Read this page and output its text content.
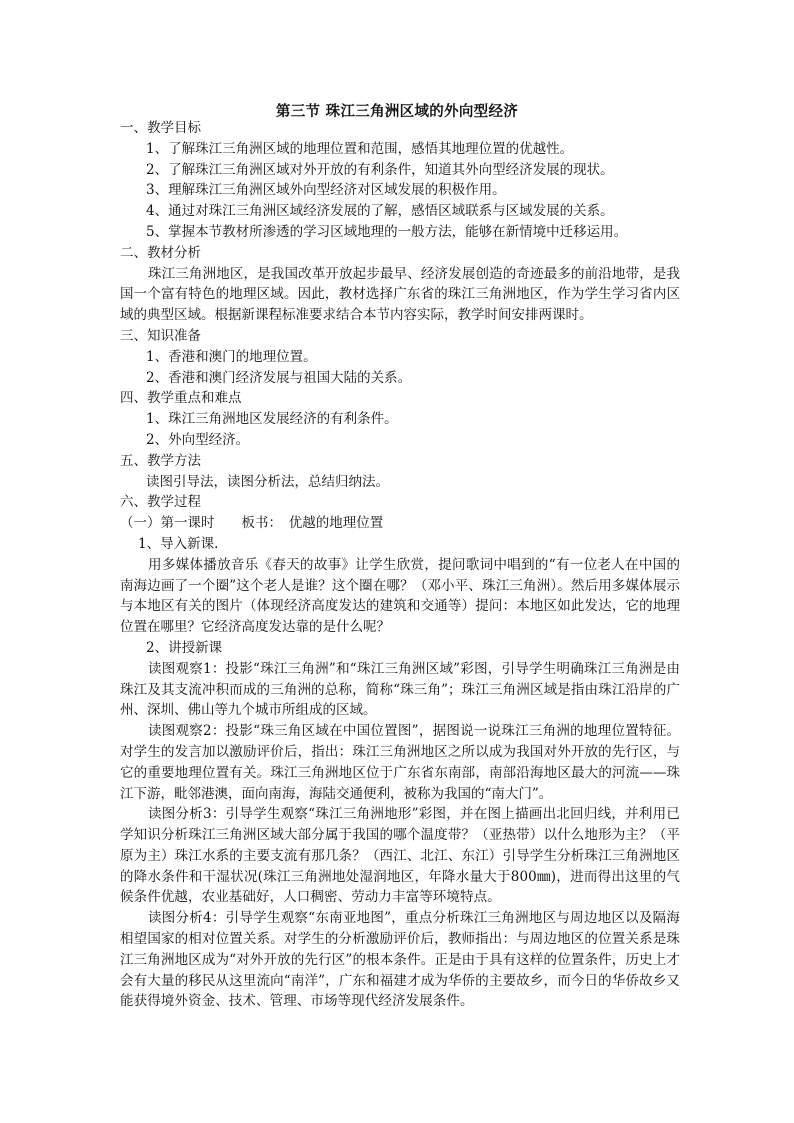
第三节 珠江三角洲区域的外向型经济
一、教学目标
1、了解珠江三角洲区域的地理位置和范围，感悟其地理位置的优越性。
2、了解珠江三角洲区域对外开放的有利条件，知道其外向型经济发展的现状。
3、理解珠江三角洲区域外向型经济对区域发展的积极作用。
4、通过对珠江三角洲区域经济发展的了解，感悟区域联系与区域发展的关系。
5、掌握本节教材所渗透的学习区域地理的一般方法，能够在新情境中迁移运用。
二、教材分析
珠江三角洲地区，是我国改革开放起步最早、经济发展创造的奇迹最多的前沿地带，是我国一个富有特色的地理区域。因此，教材选择广东省的珠江三角洲地区，作为学生学习省内区域的典型区域。根据新课程标准要求结合本节内容实际，教学时间安排两课时。
三、知识准备
1、香港和澳门的地理位置。
2、香港和澳门经济发展与祖国大陆的关系。
四、教学重点和难点
1、珠江三角洲地区发展经济的有利条件。
2、外向型经济。
五、教学方法
读图引导法，读图分析法，总结归纳法。
六、教学过程
（一）第一课时　　板书：　优越的地理位置
1、导入新课.
用多媒体播放音乐《春天的故事》让学生欣赏，提问歌词中唱到的“有一位老人在中国的南海边画了一个圈”这个老人是谁？这个圈在哪？（邓小平、珠江三角洲）。然后用多媒体展示与本地区有关的图片（体现经济高度发达的建筑和交通等）提问：本地区如此发达，它的地理位置在哪里？它经济高度发达靠的是什么呢？
2、讲授新课
读图观察1：投影“珠江三角洲”和“珠江三角洲区域”彩图，引导学生明确珠江三角洲是由珠江及其支流冲积而成的三角洲的总称，简称“珠三角”；珠江三角洲区域是指由珠江沿岸的广州、深圳、佛山等九个城市所组成的区域。
读图观察2：投影“珠三角区域在中国位置图”，据图说一说珠江三角洲的地理位置特征。对学生的发言加以激励评价后，指出：珠江三角洲地区之所以成为我国对外开放的先行区，与它的重要地理位置有关。珠江三角洲地区位于广东省东南部，南部沿海地区最大的河流——珠江下游，毗邻港澳，面向南海，海陆交通便利，被称为我国的“南大门”。
读图分析3：引导学生观察“珠江三角洲地形”彩图，并在图上描画出北回归线，并利用已学知识分析珠江三角洲区域大部分属于我国的哪个温度带？（亚热带）以什么地形为主？（平原为主）珠江水系的主要支流有那几条？（西江、北江、东江）引导学生分析珠江三角洲地区的降水条件和干湿状况(珠江三角洲地处湿润地区，年降水量大于800㎜)，进而得出这里的气候条件优越，农业基础好，人口稠密、劳动力丰富等环境特点。
读图分析4：引导学生观察“东南亚地图”，重点分析珠江三角洲地区与周边地区以及隔海相望国家的相对位置关系。对学生的分析激励评价后，教师指出：与周边地区的位置关系是珠江三角洲地区成为“对外开放的先行区”的根本条件。正是由于具有这样的位置条件，历史上才会有大量的移民从这里流向“南洋”，广东和福建才成为华侨的主要故乡，而今日的华侨故乡又能获得境外资金、技术、管理、市场等现代经济发展条件。
